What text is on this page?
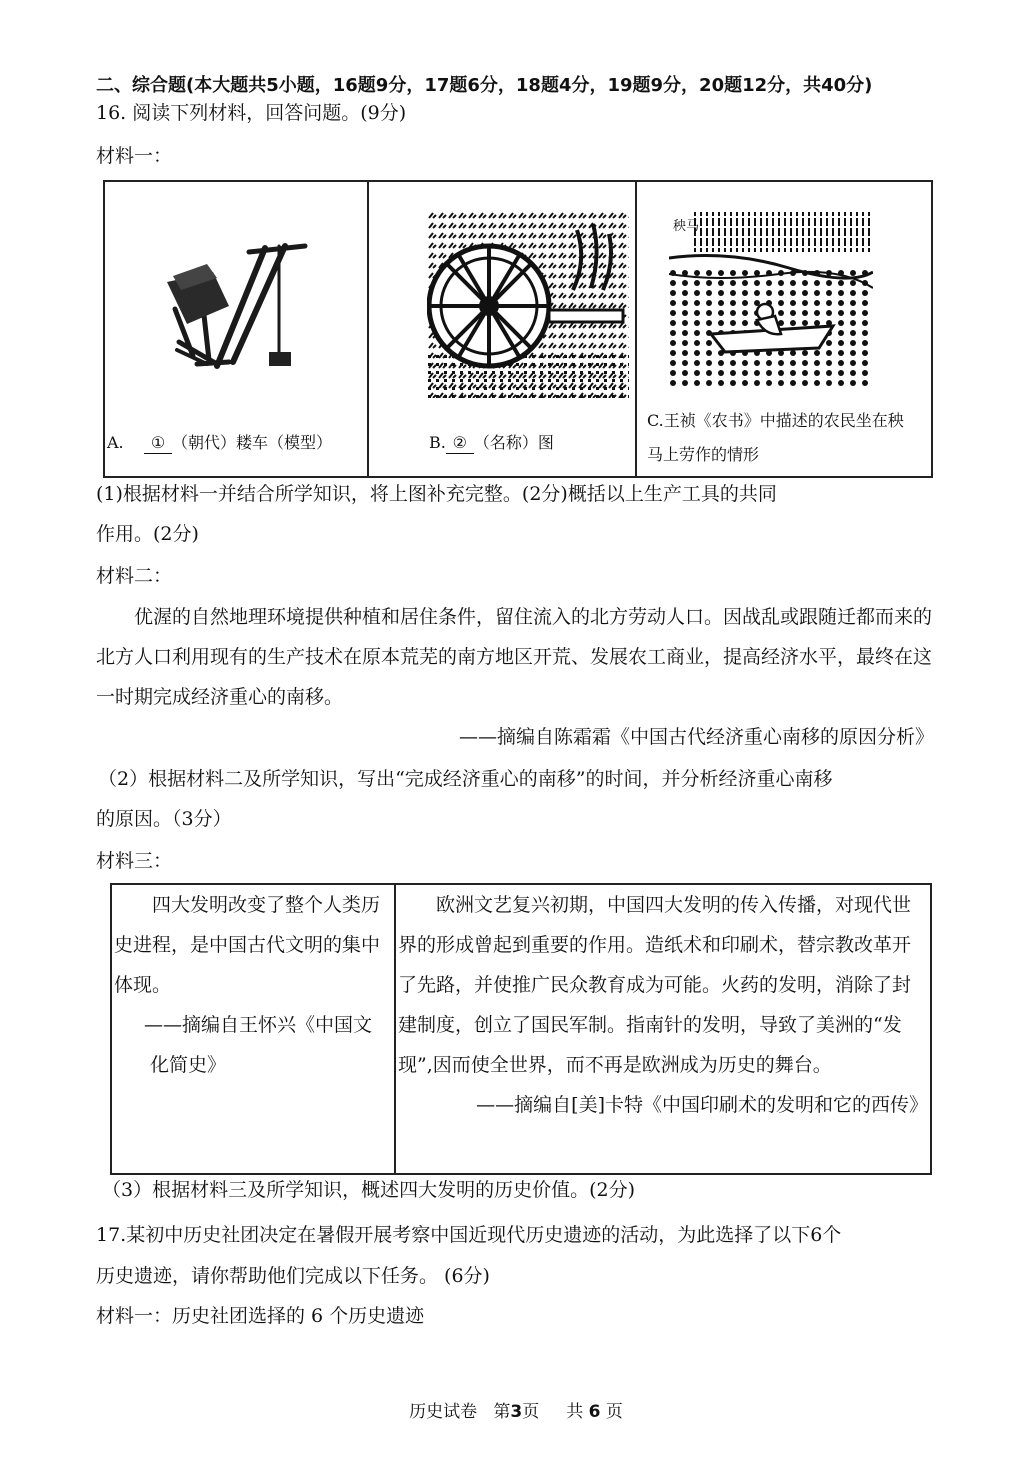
二、综合题(本大题共5小题，16题9分，17题6分，18题4分，19题9分，20题12分，共40分)
16. 阅读下列材料，回答问题。(9分)
材料一：
A. ① （朝代）耧车（模型）	B. ② （名称）图

秧马
C.王祯《农书》中描述的农民坐在秧
马上劳作的情形
(1)根据材料一并结合所学知识，将上图补充完整。(2分)概括以上生产工具的共同
作用。(2分)
材料二：
优渥的自然地理环境提供种植和居住条件，留住流入的北方劳动人口。因战乱或跟随迁都而来的北方人口利用现有的生产技术在原本荒芜的南方地区开荒、发展农工商业，提高经济水平，最终在这一时期完成经济重心的南移。
——摘编自陈霜霜《中国古代经济重心南移的原因分析》
（2）根据材料二及所学知识，写出“完成经济重心的南移”的时间，并分析经济重心南移
的原因。（3分）
材料三：
四大发明改变了整个人类历史进程，是中国古代文明的集中体现。
——摘编自王怀兴《中国文
化简史》

欧洲文艺复兴初期，中国四大发明的传入传播，对现代世界的形成曾起到重要的作用。造纸术和印刷术，替宗教改革开了先路，并使推广民众教育成为可能。火药的发明，消除了封建制度，创立了国民军制。指南针的发明，导致了美洲的“发现”,因而使全世界，而不再是欧洲成为历史的舞台。
——摘编自[美]卡特《中国印刷术的发明和它的西传》
（3）根据材料三及所学知识，概述四大发明的历史价值。(2分)
17.某初中历史社团决定在暑假开展考察中国近现代历史遗迹的活动，为此选择了以下6个
历史遗迹，请你帮助他们完成以下任务。 (6分)
材料一：历史社团选择的 6 个历史遗迹
历史试卷 第3页 共 6 页
